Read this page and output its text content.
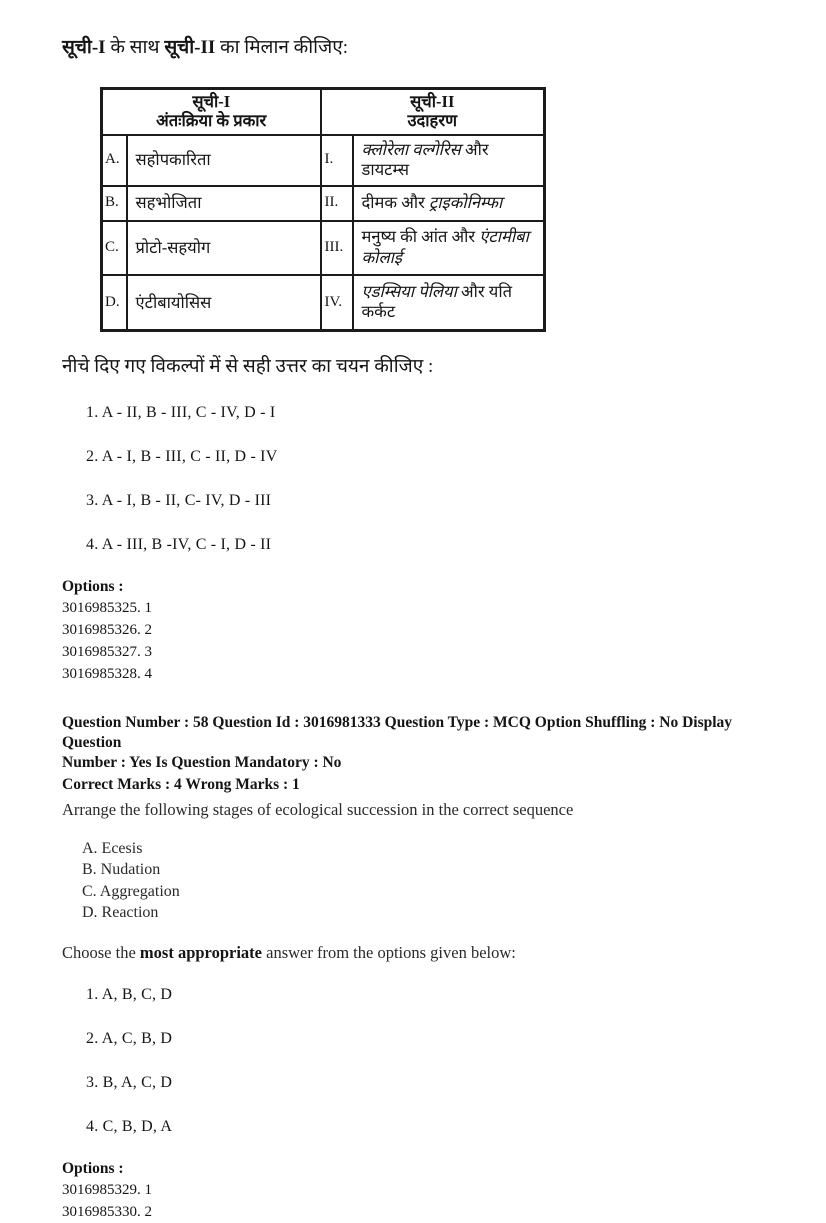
सूची-I के साथ सूची-II का मिलान कीजिए:

सूची-I
अंतःक्रिया के प्रकार

सूची-II
उदाहरण

A.	सहोपकारिता	I.	क्लोरेला वल्गेरिस और डायटम्स
B.	सहभोजिता	II.	दीमक और ट्राइकोनिम्फा
C.	प्रोटो-सहयोग	III.	मनुष्य की आंत और एंटामीबा कोलाई
D.	एंटीबायोसिस	IV.	एडम्सिया पेलिया और यति कर्कट

नीचे दिए गए विकल्पों में से सही उत्तर का चयन कीजिए :

1. A - II, B - III, C - IV, D - I
2. A - I, B - III, C - II, D - IV
3. A - I, B - II, C- IV, D - III
4. A - III, B -IV, C - I, D - II
Options :
3016985325. 1
3016985326. 2
3016985327. 3
3016985328. 4
Question Number : 58 Question Id : 3016981333 Question Type : MCQ Option Shuffling : No Display Question
Number : Yes Is Question Mandatory : No
Correct Marks : 4 Wrong Marks : 1

Arrange the following stages of ecological succession in the correct sequence

A. Ecesis
B. Nudation
C. Aggregation
D. Reaction

Choose the most appropriate answer from the options given below:

1. A, B, C, D
2. A, C, B, D
3. B, A, C, D
4. C, B, D, A
Options :
3016985329. 1
3016985330. 2
